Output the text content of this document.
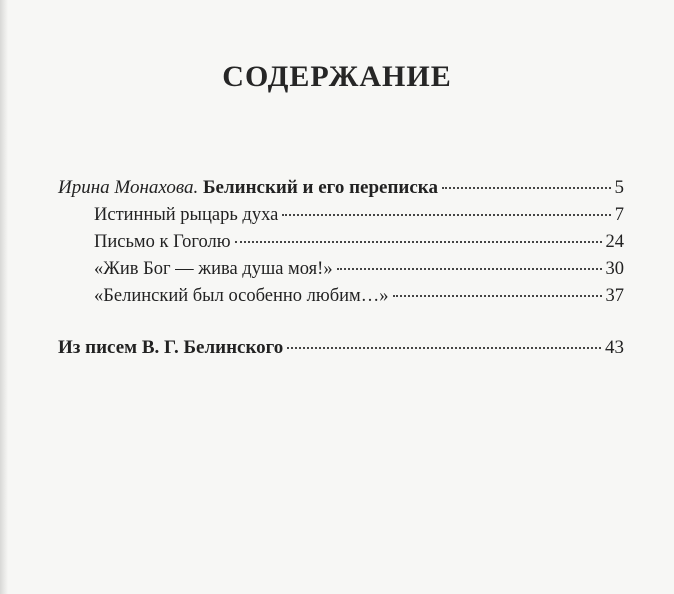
СОДЕРЖАНИЕ
Ирина Монахова. Белинский и его переписка	5
Истинный рыцарь духа	7
Письмо к Гоголю	24
«Жив Бог — жива душа моя!»	30
«Белинский был особенно любим…»	37
Из писем В. Г. Белинского	43
